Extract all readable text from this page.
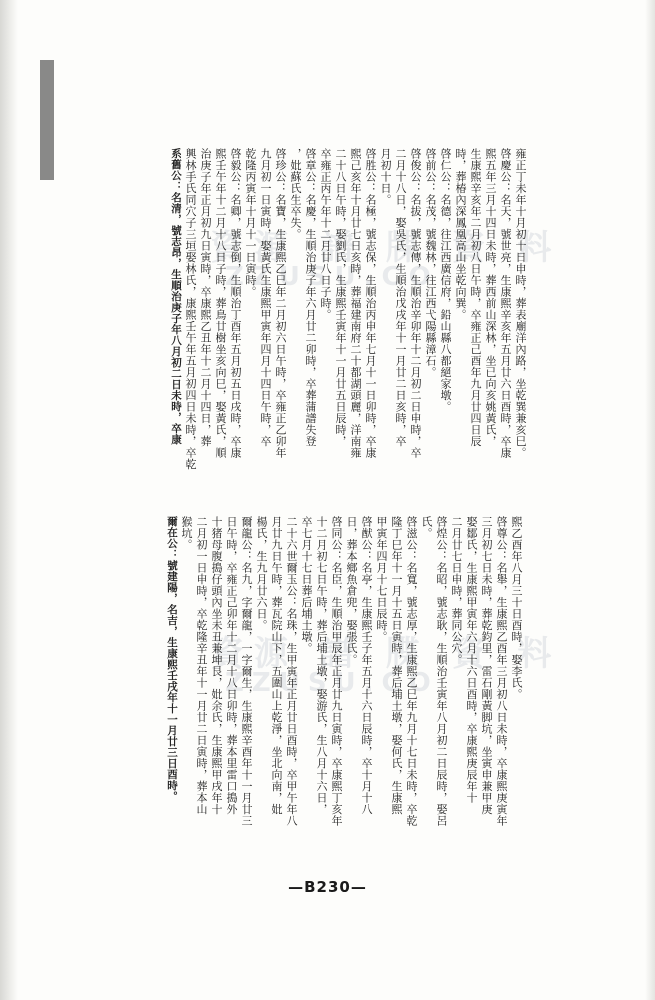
資源 譜 牒 資 料
ZZUSU.CO
資源 譜 牒 資 料
ZZUSU.CO
雍正丁未年十月初十日申時，葬表廟洋內路，坐乾巽兼亥巳。
啓慶公：名天，號世亮，生康熙辛亥年五月廿六日酉時，卒康
熙五年三月十四日未時，葬西前山深林，坐已向亥姚黃氏，
生康熙辛亥年二月初八日午時，卒雍正己酉年九月廿四日辰
時，葬椿內深鳳凰高山坐乾向巽。
啓仁公：名德，往江西廣信府，鉛山縣八都絕家墩。
啓前公：名茂，號魏林，往江西弋陽縣漳石。
啓俊公：名拔，號志傳，生順治辛卯年十二月初二日申時，卒
二月十八日，娶吳氏，生順治戊戌年十一月廿二日亥時，卒
月初十日。
啓胜公：名極，號志保，生順治丙申年七月十一日卯時，卒康
熙己亥年十月廿七日亥時，葬福建南府二十都湖頭麗，洋南雍
二十八日午時，娶劉氏，生康熙壬寅年十一月廿五日辰時，
卒雍正丙午年十二月廿八日子時。
啓章公：名慶，生順治庚子年六月廿二卯時，卒葬蒲譜失登
，妣蘇氏生卒失。
啓珍公：名寶，生康熙乙巳年二月初六日午時，卒雍正乙卯年
九月初一日寅時，娶黃氏生康熙甲寅年四月十四日午時，卒
乾隆丙寅年十月十一日寅時。
啓毅公：名卿，號志倒，生順治丁酉年五月初五日戌時，卒康
熙壬午年十二月十八日子時，葬鳥廿樹坐亥向巳，娶黃氏，順
治庚子年正月初九日寅時，卒康熙乙丑年十二月十四日，葬
興林手氏同穴子三垣娶林氏，康熙壬午年五月初四日未時，卒乾
系舊公：名清，號志昂，生順治庚子年八月初二日未時，卒康
熙乙酉年八月三十日酉時，娶李氏。
啓尊公：名舉，生康熙乙酉年三月初八日未時，卒康熙庚寅年
三月初七日未時，葬乾鈞里，雷石剛黃脚坑，坐寅申兼甲庚
娶鄒氏，生康熙甲寅年六月十六日酉時，卒康熙庚辰年十
二月廿七日申時，葬同公穴。
啓煌公：名昭，號志耿，生順治壬寅年八月初二日辰時，娶呂
氏。
啓滋公：名寬，號志厚，生康熙乙巳年九月十七日未時，卒乾
隆丁巳年十一月十五日寅時，葬后埔土墩，娶何氏，生康熙
甲寅年四月十七日辰時。
啓猷公：名亭，生康熙壬子年五月十六日辰時，卒十月十八
日，葬本鄉魚倉兜，娶張氏。
啓同公：名臣，生順治甲辰年正月廿九日寅時，卒康熙丁亥年
十二月初七日午時，葬后埔土墩，娶游氏，生八月十六日，
卒七月十七日葬后埔土墩。
二十六世爾玉公：名珠，生甲寅年正月廿日酉時，卒甲午年八
月廿九日午時，葬瓦院山下，五圍山上乾淨，坐北向南，妣
楊氏，生九月廿六日。
爾龍公：名九，字爾龍，一字爾生，生康熙辛酉年十一月廿三
日午時，卒雍正己卯年十二月十八日卯時，葬本里雷口搗外
十猪母腹搗仔頭內坐未丑兼坤艮，妣余氏，生康熙甲戌年十
二月初一日申時，卒乾隆辛丑年十一月廿二日寅時，葬本山
猴坑。
爾在公：號建陽，名吉，生康熙壬戌年十一月廿三日酉時。
—B230—
